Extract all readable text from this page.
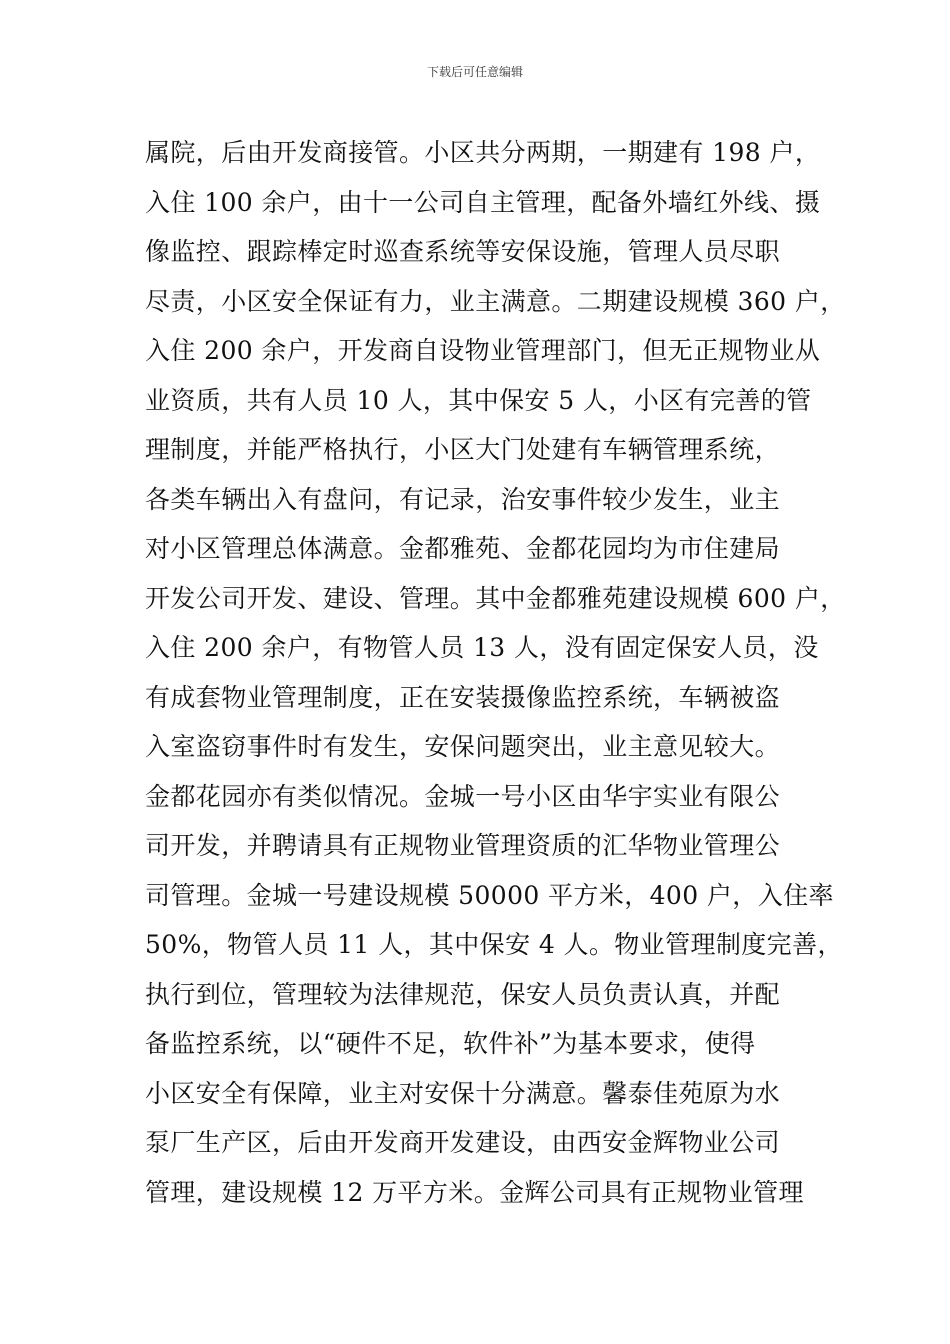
下载后可任意编辑
属院，后由开发商接管。小区共分两期，一期建有 198 户，
入住 100 余户，由十一公司自主管理，配备外墙红外线、摄
像监控、跟踪棒定时巡查系统等安保设施，管理人员尽职
尽责，小区安全保证有力，业主满意。二期建设规模 360 户，
入住 200 余户，开发商自设物业管理部门，但无正规物业从
业资质，共有人员 10 人，其中保安 5 人，小区有完善的管
理制度，并能严格执行，小区大门处建有车辆管理系统，
各类车辆出入有盘问，有记录，治安事件较少发生，业主
对小区管理总体满意。金都雅苑、金都花园均为市住建局
开发公司开发、建设、管理。其中金都雅苑建设规模 600 户，
入住 200 余户，有物管人员 13 人，没有固定保安人员，没
有成套物业管理制度，正在安装摄像监控系统，车辆被盗
入室盗窃事件时有发生，安保问题突出，业主意见较大。
金都花园亦有类似情况。金城一号小区由华宇实业有限公
司开发，并聘请具有正规物业管理资质的汇华物业管理公
司管理。金城一号建设规模 50000 平方米，400 户，入住率
50%，物管人员 11 人，其中保安 4 人。物业管理制度完善，
执行到位，管理较为法律规范，保安人员负责认真，并配
备监控系统，以“硬件不足，软件补”为基本要求，使得
小区安全有保障，业主对安保十分满意。馨泰佳苑原为水
泵厂生产区，后由开发商开发建设，由西安金辉物业公司
管理，建设规模 12 万平方米。金辉公司具有正规物业管理
